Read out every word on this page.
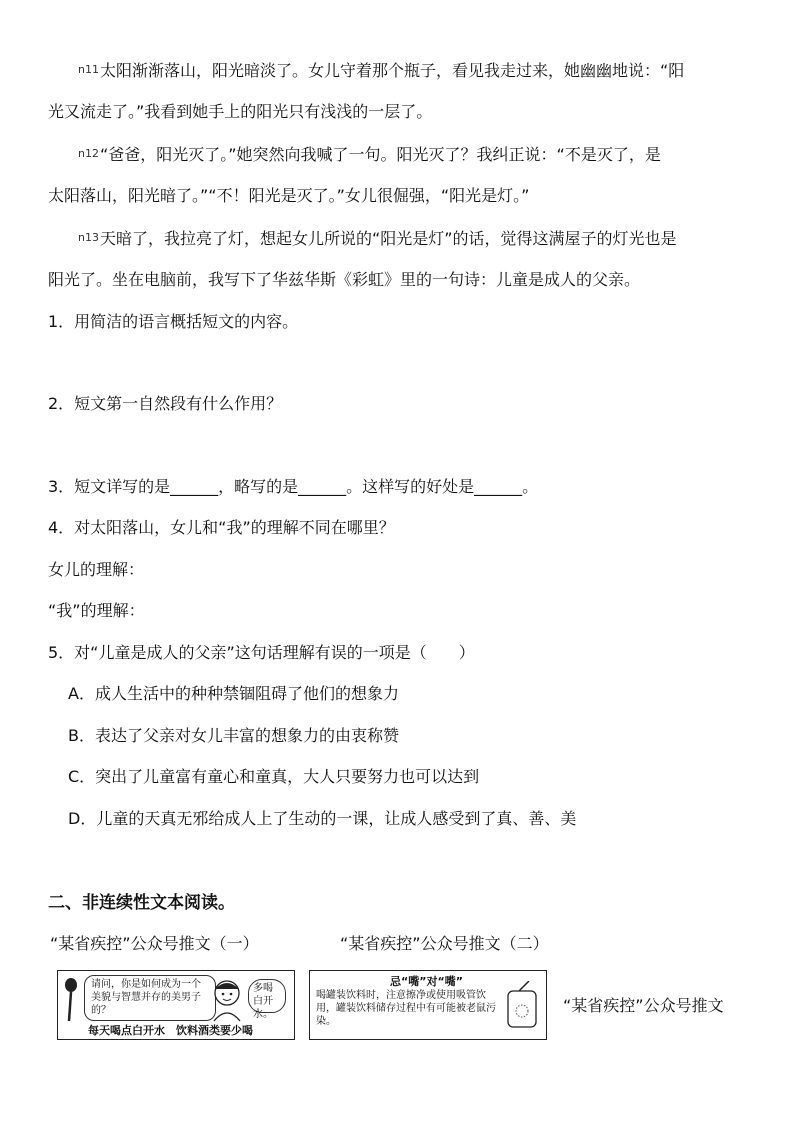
n11太阳渐渐落山，阳光暗淡了。女儿守着那个瓶子，看见我走过来，她幽幽地说：“阳
光又流走了。”我看到她手上的阳光只有浅浅的一层了。
n12“爸爸，阳光灭了。”她突然向我喊了一句。阳光灭了？我纠正说：“不是灭了，是
太阳落山，阳光暗了。”“不！阳光是灭了。”女儿很倔强，“阳光是灯。”
n13天暗了，我拉亮了灯，想起女儿所说的“阳光是灯”的话，觉得这满屋子的灯光也是
阳光了。坐在电脑前，我写下了华兹华斯《彩虹》里的一句诗：儿童是成人的父亲。
1．用简洁的语言概括短文的内容。
2．短文第一自然段有什么作用？
3．短文详写的是______，略写的是______。这样写的好处是______。
4．对太阳落山，女儿和“我”的理解不同在哪里？
女儿的理解：
“我”的理解：
5．对“儿童是成人的父亲”这句话理解有误的一项是（　　）
A．成人生活中的种种禁锢阻碍了他们的想象力
B．表达了父亲对女儿丰富的想象力的由衷称赞
C．突出了儿童富有童心和童真，大人只要努力也可以达到
D．儿童的天真无邪给成人上了生动的一课，让成人感受到了真、善、美
二、非连续性文本阅读。
“某省疾控”公众号推文（一）	“某省疾控”公众号推文（二）
请问，你是如何成为一个美貌与智慧并存的美男子的？
多喝白开水。
每天喝点白开水　饮料酒类要少喝
忌“嘴”对“嘴”
喝罐装饮料时，注意擦净或使用吸管饮用，罐装饮料储存过程中有可能被老鼠污染。
“某省疾控”公众号推文
